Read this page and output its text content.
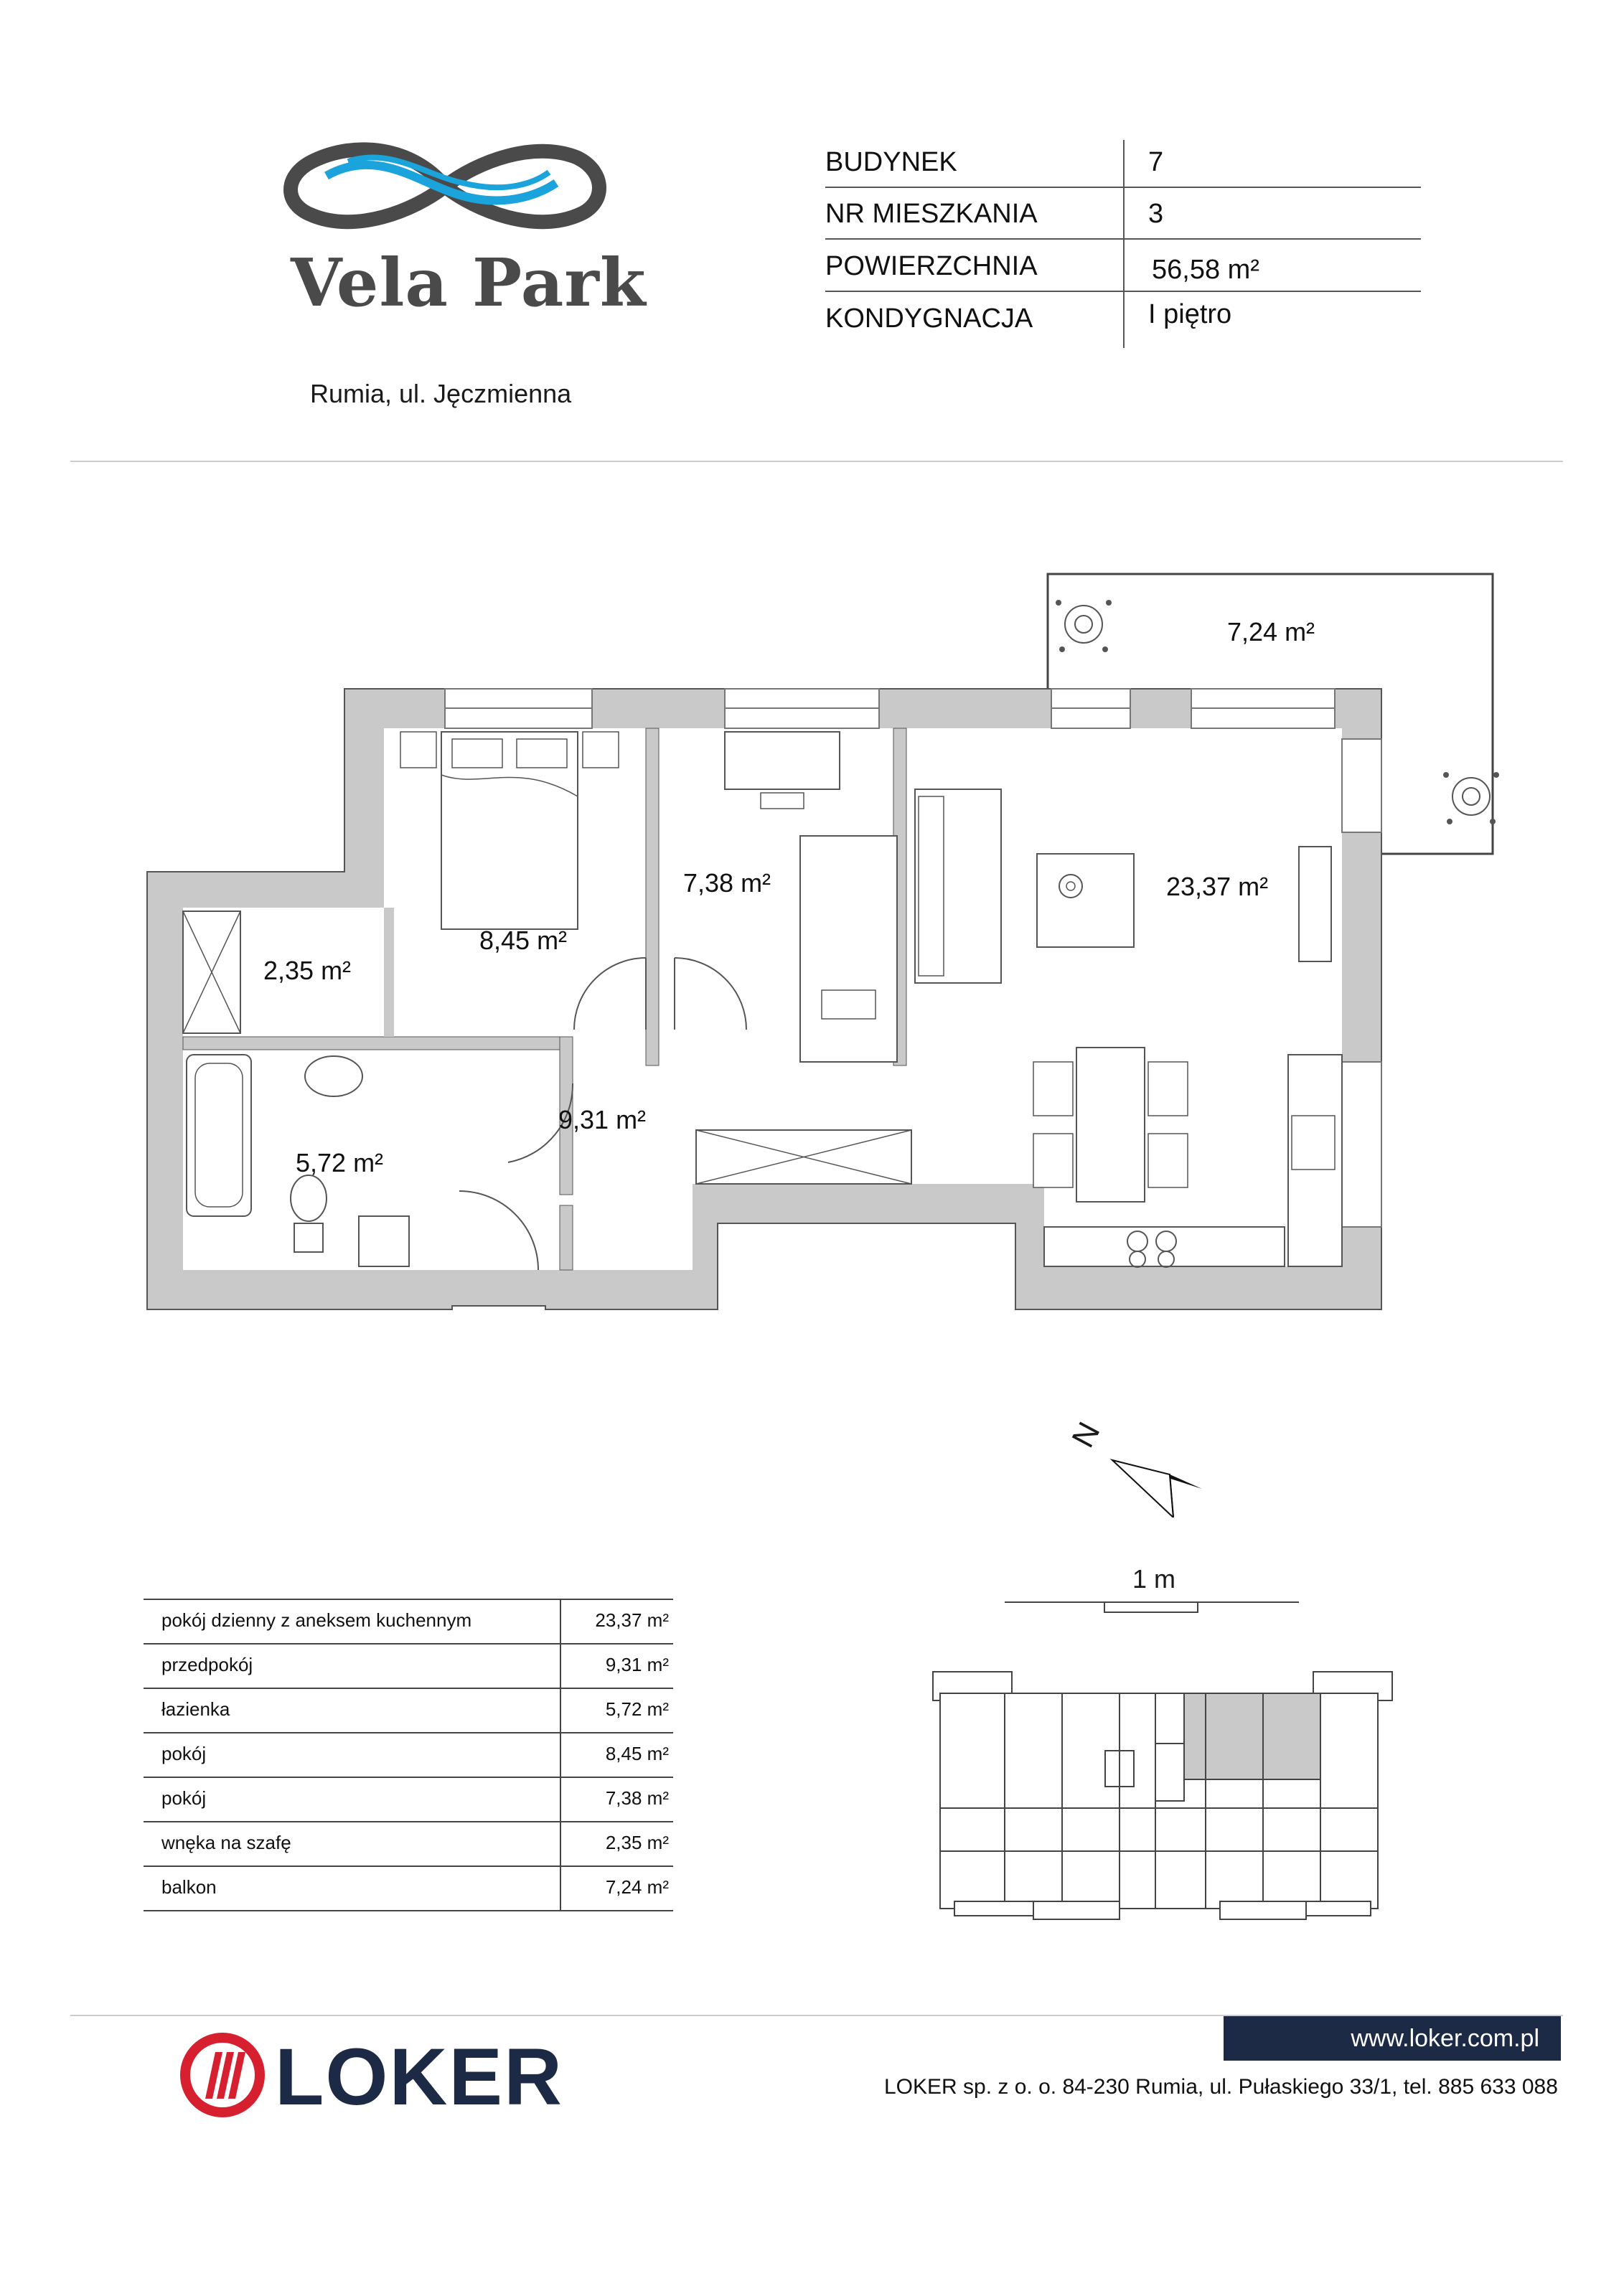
Vela Park
Rumia, ul. Jęczmienna
BUDYNEK	7
NR MIESZKANIA	3
POWIERZCHNIA	56,58 m²
KONDYGNACJA	I piętro
7,24 m²
23,37 m²
7,38 m²
8,45 m²
2,35 m²
9,31 m²
5,72 m²
N
1 m
pokój dzienny z aneksem kuchennym	23,37 m²
przedpokój	9,31 m²
łazienka	5,72 m²
pokój	8,45 m²
pokój	7,38 m²
wnęka na szafę	2,35 m²
balkon	7,24 m²
LOKER	www.loker.com.pl
LOKER sp. z o. o. 84-230 Rumia, ul. Pułaskiego 33/1, tel. 885 633 088
